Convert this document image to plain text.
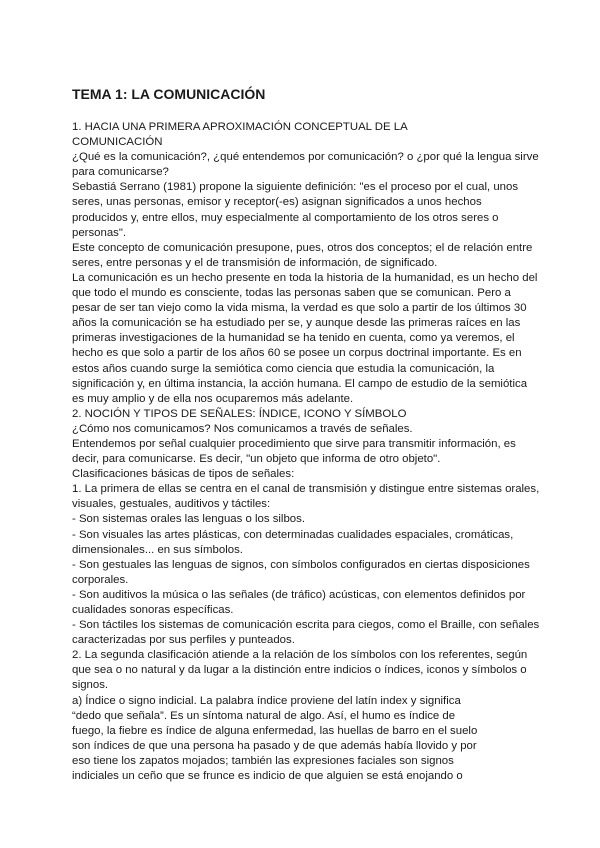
TEMA 1: LA COMUNICACIÓN
1. HACIA UNA PRIMERA APROXIMACIÓN CONCEPTUAL DE LA
COMUNICACIÓN
¿Qué es la comunicación?, ¿qué entendemos por comunicación? o ¿por qué la lengua sirve
para comunicarse?
Sebastiá Serrano (1981) propone la siguiente definición: "es el proceso por el cual, unos
seres, unas personas, emisor y receptor(-es) asignan significados a unos hechos
producidos y, entre ellos, muy especialmente al comportamiento de los otros seres o
personas".
Este concepto de comunicación presupone, pues, otros dos conceptos; el de relación entre
seres, entre personas y el de transmisión de información, de significado.
La comunicación es un hecho presente en toda la historia de la humanidad, es un hecho del
que todo el mundo es consciente, todas las personas saben que se comunican. Pero a
pesar de ser tan viejo como la vida misma, la verdad es que solo a partir de los últimos 30
años la comunicación se ha estudiado per se, y aunque desde las primeras raíces en las
primeras investigaciones de la humanidad se ha tenido en cuenta, como ya veremos, el
hecho es que solo a partir de los años 60 se posee un corpus doctrinal importante. Es en
estos años cuando surge la semiótica como ciencia que estudia la comunicación, la
significación y, en última instancia, la acción humana. El campo de estudio de la semiótica
es muy amplio y de ella nos ocuparemos más adelante.
2. NOCIÓN Y TIPOS DE SEÑALES: ÍNDICE, ICONO Y SÍMBOLO
¿Cómo nos comunicamos? Nos comunicamos a través de señales.
Entendemos por señal cualquier procedimiento que sirve para transmitir información, es
decir, para comunicarse. Es decir, "un objeto que informa de otro objeto".
Clasificaciones básicas de tipos de señales:
1. La primera de ellas se centra en el canal de transmisión y distingue entre sistemas orales,
visuales, gestuales, auditivos y táctiles:
- Son sistemas orales las lenguas o los silbos.
- Son visuales las artes plásticas, con determinadas cualidades espaciales, cromáticas,
dimensionales... en sus símbolos.
- Son gestuales las lenguas de signos, con símbolos configurados en ciertas disposiciones
corporales.
- Son auditivos la música o las señales (de tráfico) acústicas, con elementos definidos por
cualidades sonoras específicas.
- Son táctiles los sistemas de comunicación escrita para ciegos, como el Braille, con señales
caracterizadas por sus perfiles y punteados.
2. La segunda clasificación atiende a la relación de los símbolos con los referentes, según
que sea o no natural y da lugar a la distinción entre indicios o índices, iconos y símbolos o
signos.
a) Índice o signo indicial. La palabra índice proviene del latín index y significa
“dedo que señala”. Es un síntoma natural de algo. Así, el humo es índice de
fuego, la fiebre es índice de alguna enfermedad, las huellas de barro en el suelo
son índices de que una persona ha pasado y de que además había llovido y por
eso tiene los zapatos mojados; también las expresiones faciales son signos
indiciales un ceño que se frunce es indicio de que alguien se está enojando o
